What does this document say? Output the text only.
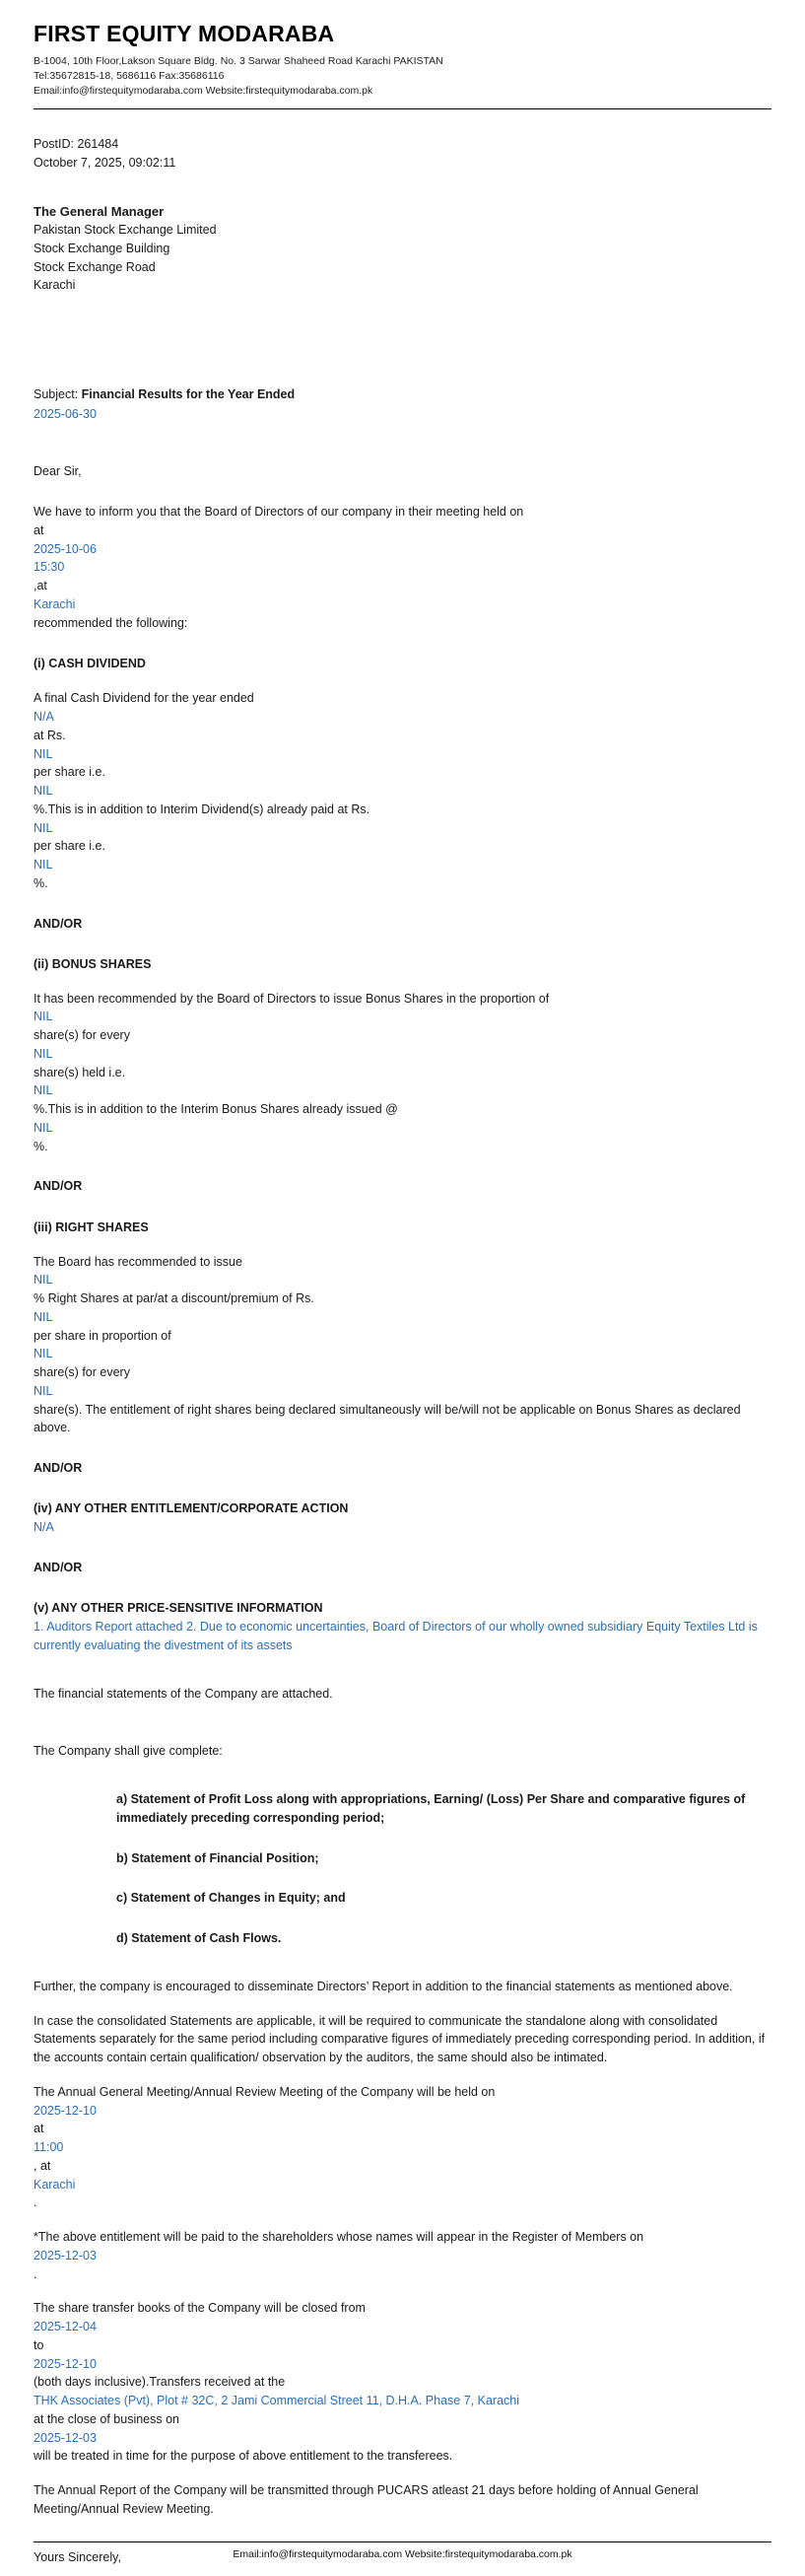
FIRST EQUITY MODARABA
B-1004, 10th Floor,Lakson Square Bldg. No. 3 Sarwar Shaheed Road Karachi PAKISTAN
Tel:35672815-18, 5686116 Fax:35686116
Email:info@firstequitymodaraba.com Website:firstequitymodaraba.com.pk
PostID: 261484
October 7, 2025, 09:02:11
The General Manager
Pakistan Stock Exchange Limited
Stock Exchange Building
Stock Exchange Road
Karachi
Subject: Financial Results for the Year Ended
2025-06-30

Dear Sir,

We have to inform you that the Board of Directors of our company in their meeting held on
at
2025-10-06
15:30
,at
Karachi
recommended the following:

(i) CASH DIVIDEND

A final Cash Dividend for the year ended
N/A
at Rs.
NIL
per share i.e.
NIL
%.This is in addition to Interim Dividend(s) already paid at Rs.
NIL
per share i.e.
NIL
%.

AND/OR

(ii) BONUS SHARES

It has been recommended by the Board of Directors to issue Bonus Shares in the proportion of
NIL
share(s) for every
NIL
share(s) held i.e.
NIL
%.This is in addition to the Interim Bonus Shares already issued @
NIL
%.

AND/OR

(iii) RIGHT SHARES

The Board has recommended to issue
NIL
% Right Shares at par/at a discount/premium of Rs.
NIL
per share in proportion of
NIL
share(s) for every
NIL
share(s). The entitlement of right shares being declared simultaneously will be/will not be applicable on Bonus Shares as declared above.

AND/OR

(iv) ANY OTHER ENTITLEMENT/CORPORATE ACTION

N/A

AND/OR

(v) ANY OTHER PRICE-SENSITIVE INFORMATION

1. Auditors Report attached 2. Due to economic uncertainties, Board of Directors of our wholly owned subsidiary Equity Textiles Ltd is currently evaluating the divestment of its assets

The financial statements of the Company are attached.

The Company shall give complete:

a) Statement of Profit Loss along with appropriations, Earning/ (Loss) Per Share and comparative figures of immediately preceding corresponding period;

b) Statement of Financial Position;

c) Statement of Changes in Equity; and

d) Statement of Cash Flows.

Further, the company is encouraged to disseminate Directors’ Report in addition to the financial statements as mentioned above.

In case the consolidated Statements are applicable, it will be required to communicate the standalone along with consolidated Statements separately for the same period including comparative figures of immediately preceding corresponding period. In addition, if the accounts contain certain qualification/ observation by the auditors, the same should also be intimated.

The Annual General Meeting/Annual Review Meeting of the Company will be held on
2025-12-10
at
11:00
, at
Karachi
.
*The above entitlement will be paid to the shareholders whose names will appear in the Register of Members on
2025-12-03
.
The share transfer books of the Company will be closed from
2025-12-04
to
2025-12-10
(both days inclusive).Transfers received at the
THK Associates (Pvt), Plot # 32C, 2 Jami Commercial Street 11, D.H.A. Phase 7, Karachi
at the close of business on
2025-12-03
will be treated in time for the purpose of above entitlement to the transferees.

The Annual Report of the Company will be transmitted through PUCARS atleast 21 days before holding of Annual General Meeting/Annual Review Meeting.

Yours Sincerely,	Email:info@firstequitymodaraba.com Website:firstequitymodaraba.com.pk
